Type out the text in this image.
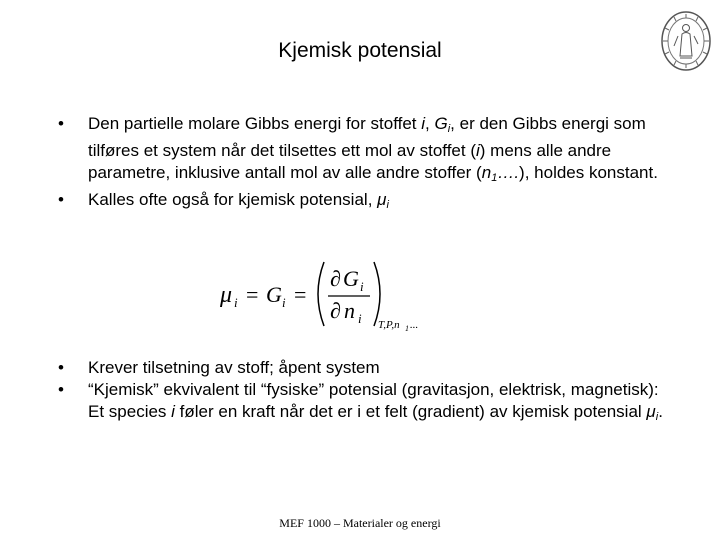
Kjemisk potensial
• Den partielle molare Gibbs energi for stoffet i, $G_i$, er den Gibbs energi som tilføres et system når det tilsettes ett mol av stoffet (i) mens alle andre parametre, inklusive antall mol av alle andre stoffer $(n_1\dots.)$, holdes konstant.
• Kalles ofte også for kjemisk potensial, $\mu_i$
μ i = G i =
∂ G i
∂ n i T,P,n 1 ...
• Krever tilsetning av stoff; åpent system
• “Kjemisk” ekvivalent til “fysiske” potensial (gravitasjon, elektrisk, magnetisk): Et species i føler en kraft når det er i et felt (gradient) av kjemisk potensial $\mu_i$.
MEF 1000 – Materialer og energi
